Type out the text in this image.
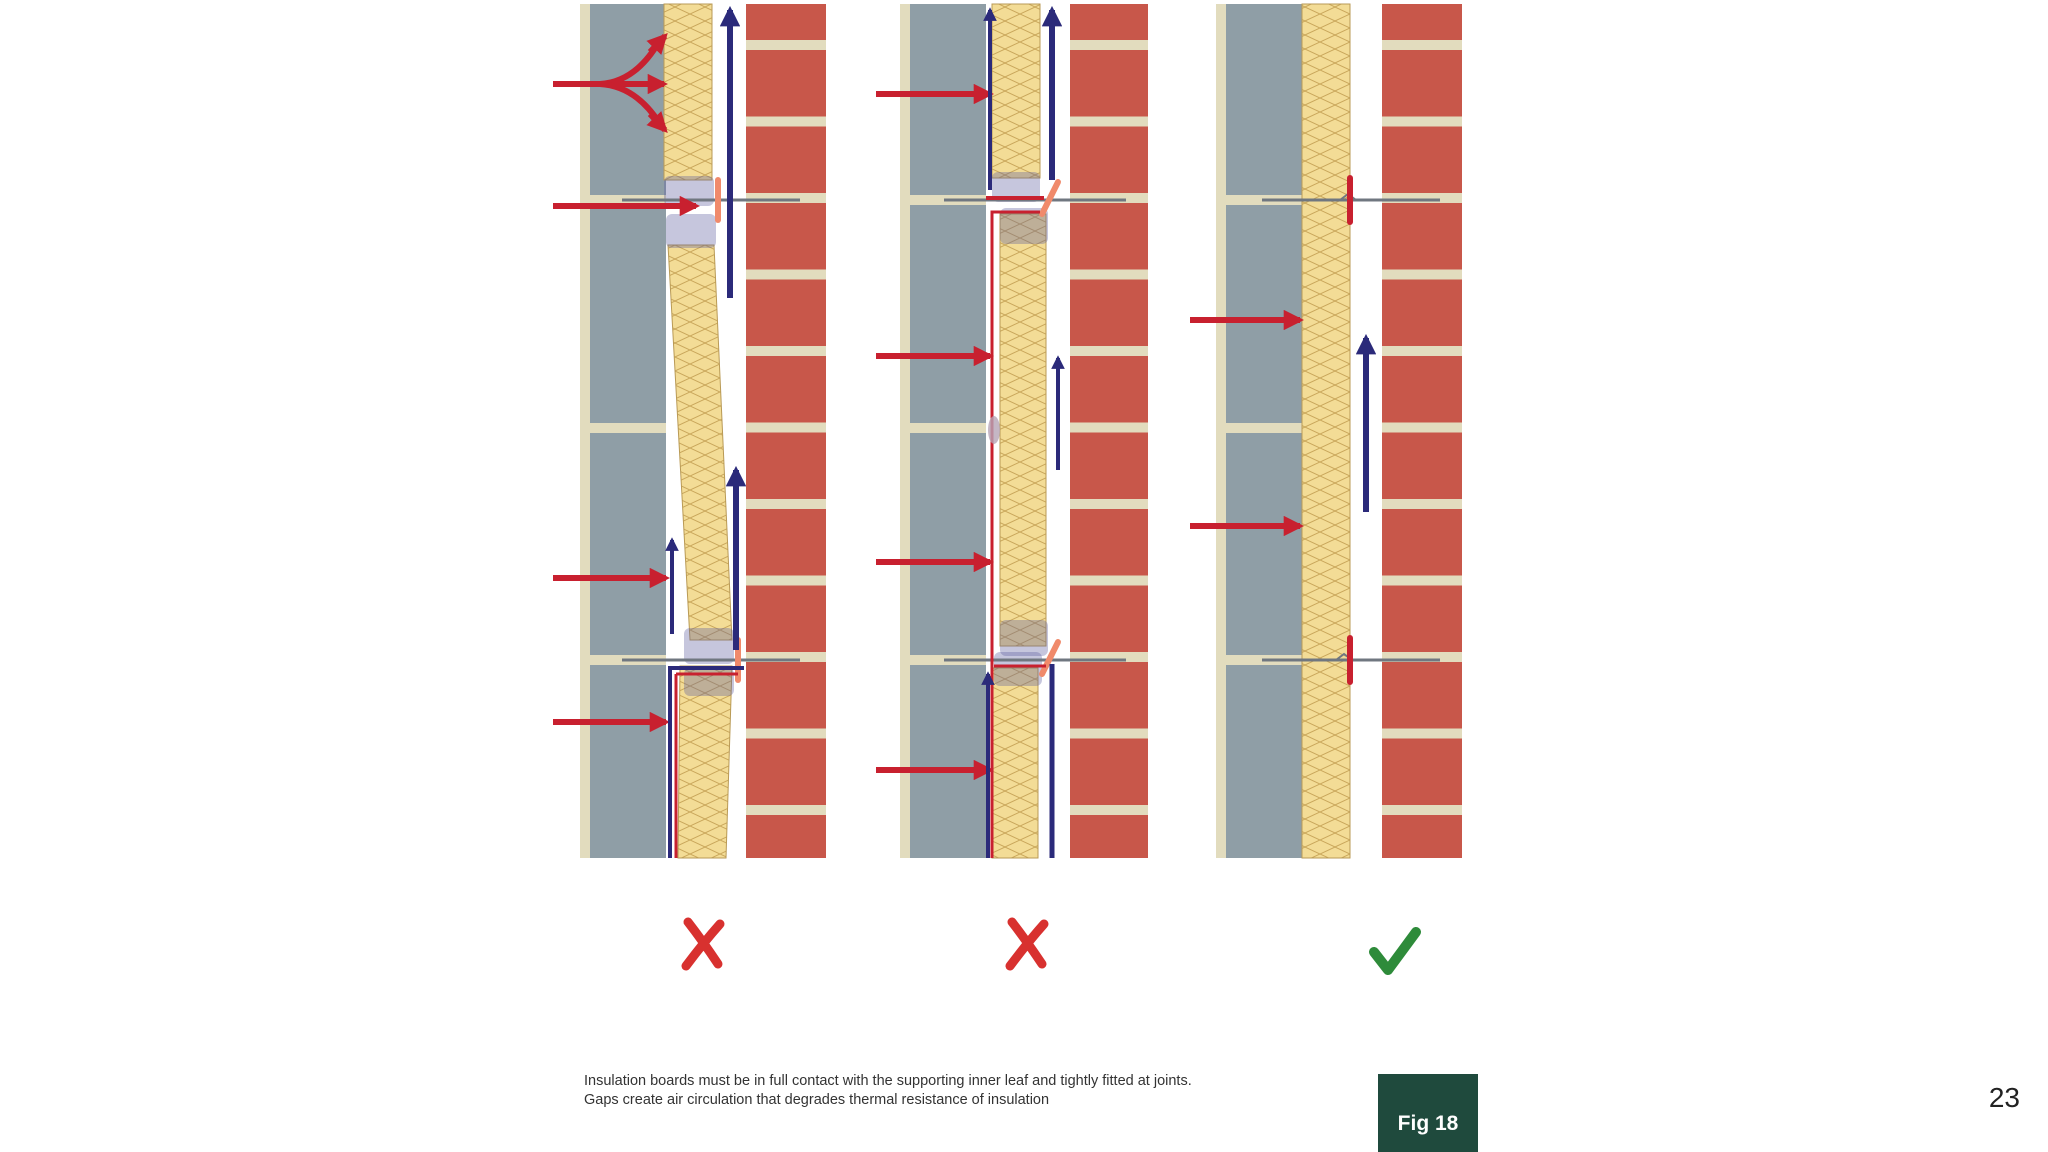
Insulation boards must be in full contact with the supporting inner leaf and tightly fitted at joints.
Gaps create air circulation that degrades thermal resistance of insulation
Fig 18
23
